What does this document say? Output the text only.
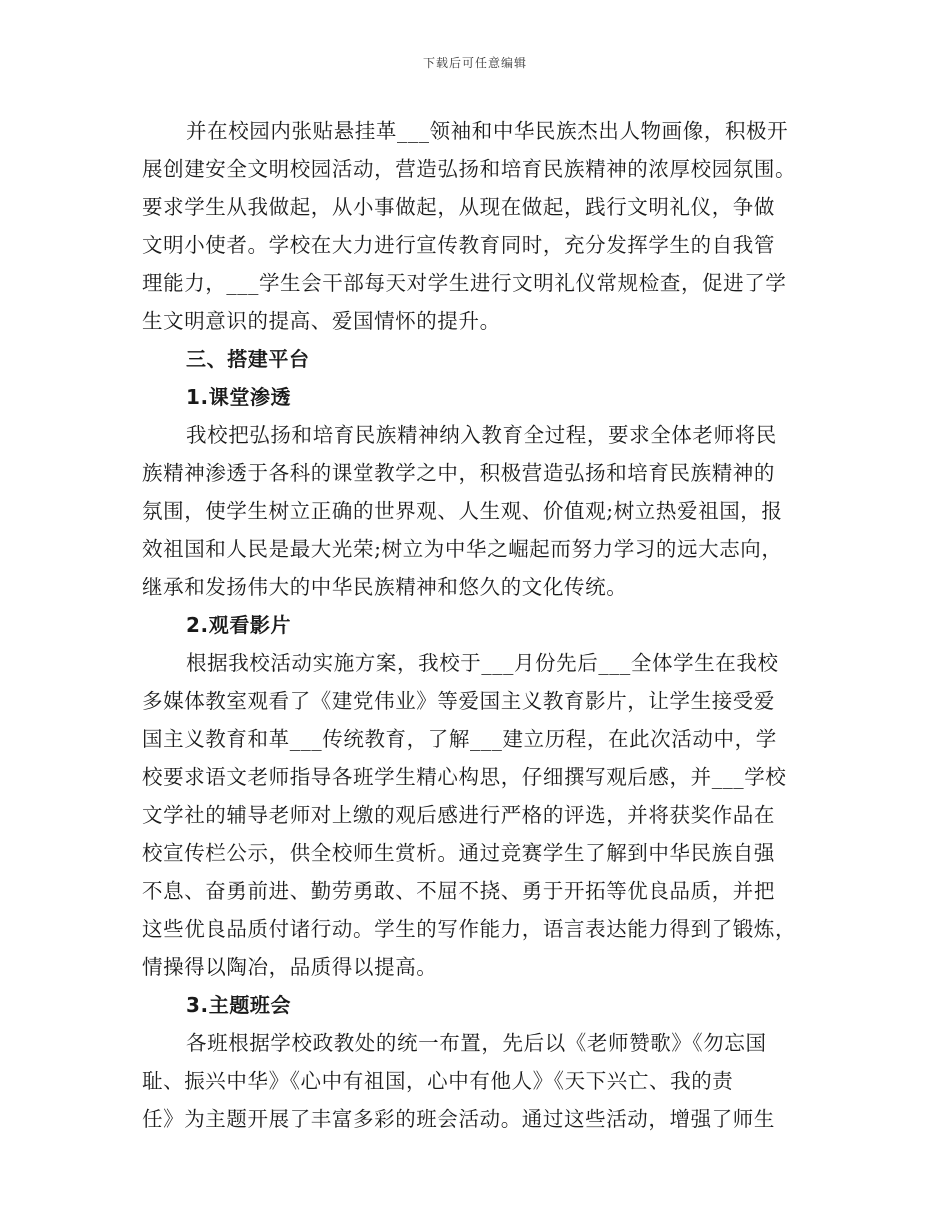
下载后可任意编辑
并在校园内张贴悬挂革___领袖和中华民族杰出人物画像，积极开
展创建安全文明校园活动，营造弘扬和培育民族精神的浓厚校园氛围。
要求学生从我做起，从小事做起，从现在做起，践行文明礼仪，争做
文明小使者。学校在大力进行宣传教育同时，充分发挥学生的自我管
理能力，___学生会干部每天对学生进行文明礼仪常规检查，促进了学
生文明意识的提高、爱国情怀的提升。
三、搭建平台
1.课堂渗透
我校把弘扬和培育民族精神纳入教育全过程，要求全体老师将民
族精神渗透于各科的课堂教学之中，积极营造弘扬和培育民族精神的
氛围，使学生树立正确的世界观、人生观、价值观;树立热爱祖国，报
效祖国和人民是最大光荣;树立为中华之崛起而努力学习的远大志向，
继承和发扬伟大的中华民族精神和悠久的文化传统。
2.观看影片
根据我校活动实施方案，我校于___月份先后___全体学生在我校
多媒体教室观看了《建党伟业》等爱国主义教育影片，让学生接受爱
国主义教育和革___传统教育，了解___建立历程，在此次活动中，学
校要求语文老师指导各班学生精心构思，仔细撰写观后感，并___学校
文学社的辅导老师对上缴的观后感进行严格的评选，并将获奖作品在
校宣传栏公示，供全校师生赏析。通过竞赛学生了解到中华民族自强
不息、奋勇前进、勤劳勇敢、不屈不挠、勇于开拓等优良品质，并把
这些优良品质付诸行动。学生的写作能力，语言表达能力得到了锻炼，
情操得以陶冶，品质得以提高。
3.主题班会
各班根据学校政教处的统一布置，先后以《老师赞歌》《勿忘国
耻、振兴中华》《心中有祖国，心中有他人》《天下兴亡、我的责
任》为主题开展了丰富多彩的班会活动。通过这些活动，增强了师生
